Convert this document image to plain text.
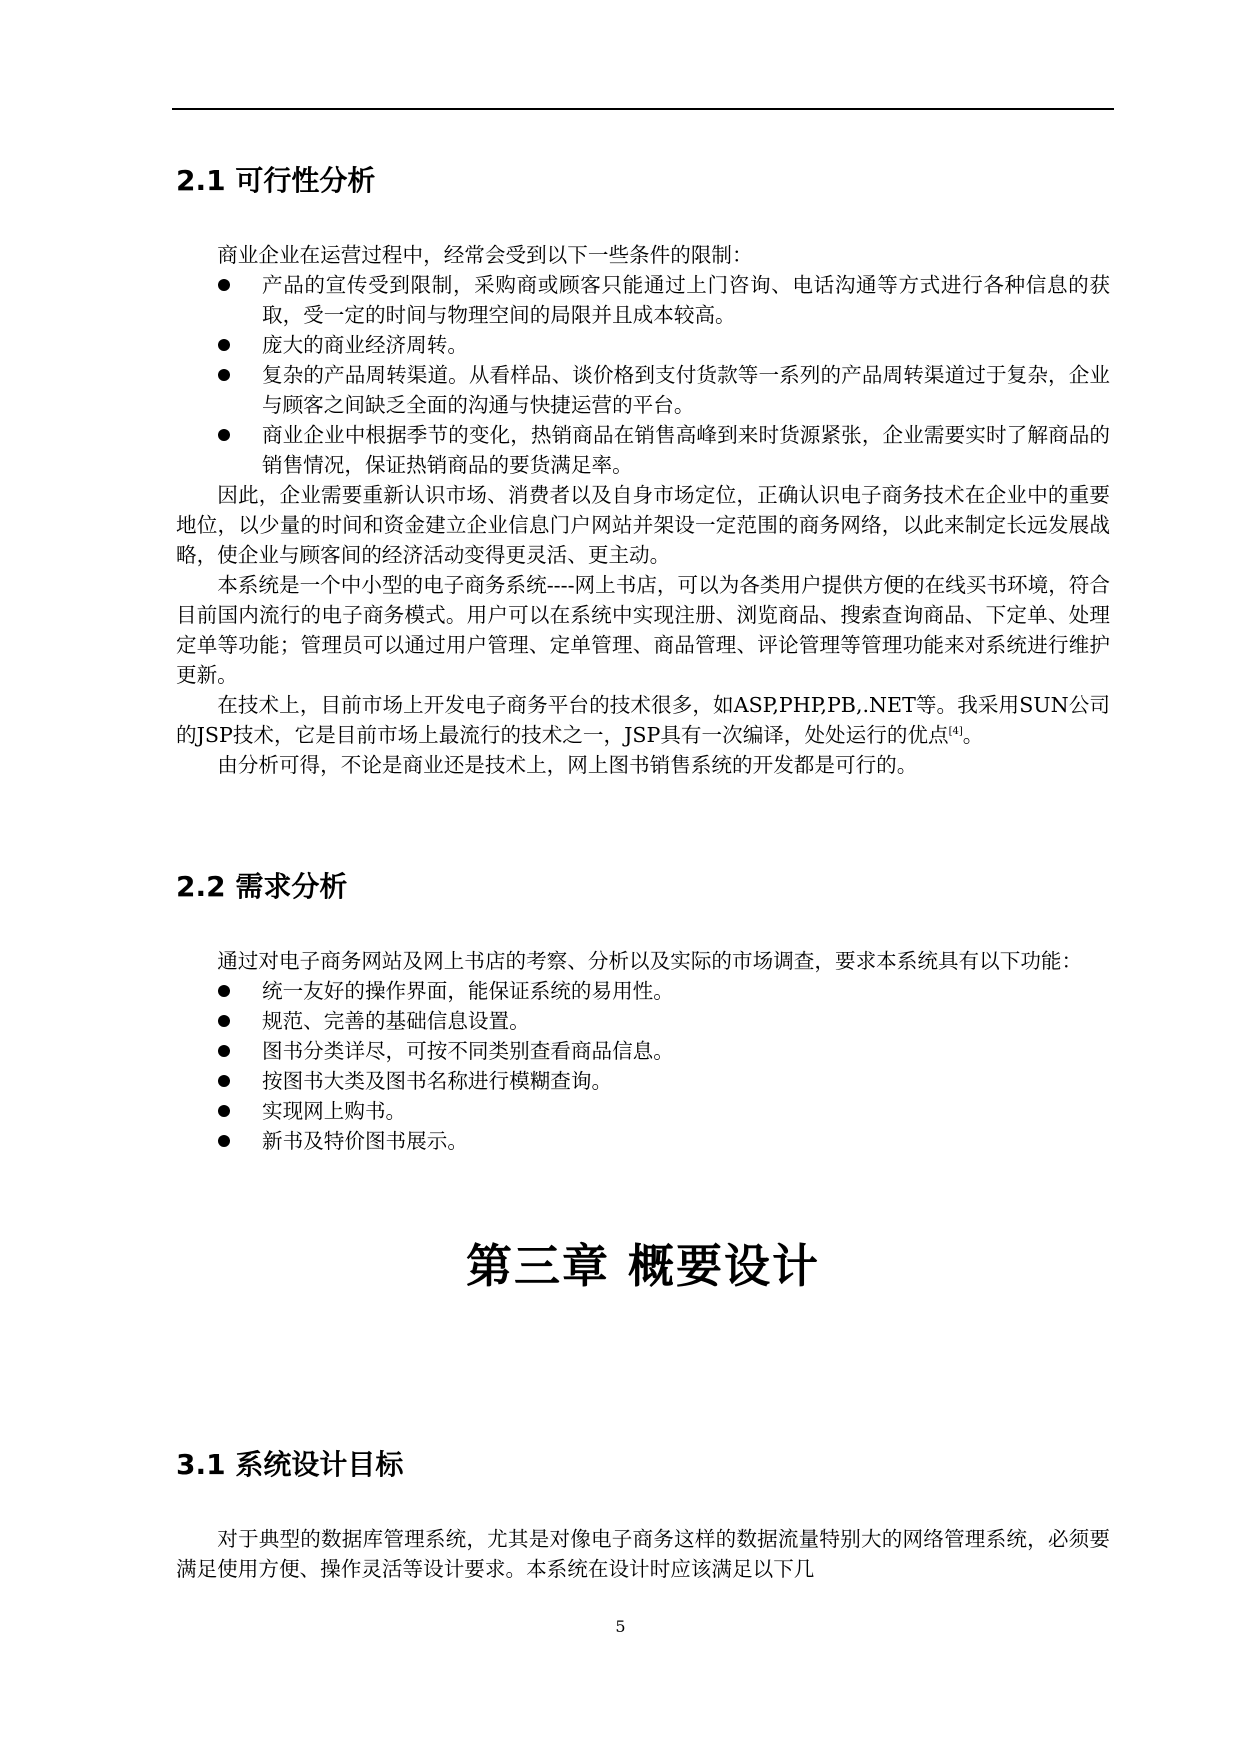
2.1 可行性分析

商业企业在运营过程中，经常会受到以下一些条件的限制：

产品的宣传受到限制，采购商或顾客只能通过上门咨询、电话沟通等方式进行各种信息的获取，受一定的时间与物理空间的局限并且成本较高。
庞大的商业经济周转。
复杂的产品周转渠道。从看样品、谈价格到支付货款等一系列的产品周转渠道过于复杂，企业与顾客之间缺乏全面的沟通与快捷运营的平台。
商业企业中根据季节的变化，热销商品在销售高峰到来时货源紧张，企业需要实时了解商品的销售情况，保证热销商品的要货满足率。

因此，企业需要重新认识市场、消费者以及自身市场定位，正确认识电子商务技术在企业中的重要地位，以少量的时间和资金建立企业信息门户网站并架设一定范围的商务网络，以此来制定长远发展战略，使企业与顾客间的经济活动变得更灵活、更主动。

本系统是一个中小型的电子商务系统----网上书店，可以为各类用户提供方便的在线买书环境，符合目前国内流行的电子商务模式。用户可以在系统中实现注册、浏览商品、搜索查询商品、下定单、处理定单等功能；管理员可以通过用户管理、定单管理、商品管理、评论管理等管理功能来对系统进行维护更新。

在技术上，目前市场上开发电子商务平台的技术很多，如ASP,PHP,PB,.NET等。我采用SUN公司的JSP技术，它是目前市场上最流行的技术之一，JSP具有一次编译，处处运行的优点[4]。

由分析可得，不论是商业还是技术上，网上图书销售系统的开发都是可行的。

2.2 需求分析

通过对电子商务网站及网上书店的考察、分析以及实际的市场调查，要求本系统具有以下功能：

统一友好的操作界面，能保证系统的易用性。
规范、完善的基础信息设置。
图书分类详尽，可按不同类别查看商品信息。
按图书大类及图书名称进行模糊查询。
实现网上购书。
新书及特价图书展示。
第三章 概要设计
3.1 系统设计目标

对于典型的数据库管理系统，尤其是对像电子商务这样的数据流量特别大的网络管理系统，必须要满足使用方便、操作灵活等设计要求。本系统在设计时应该满足以下几

5
